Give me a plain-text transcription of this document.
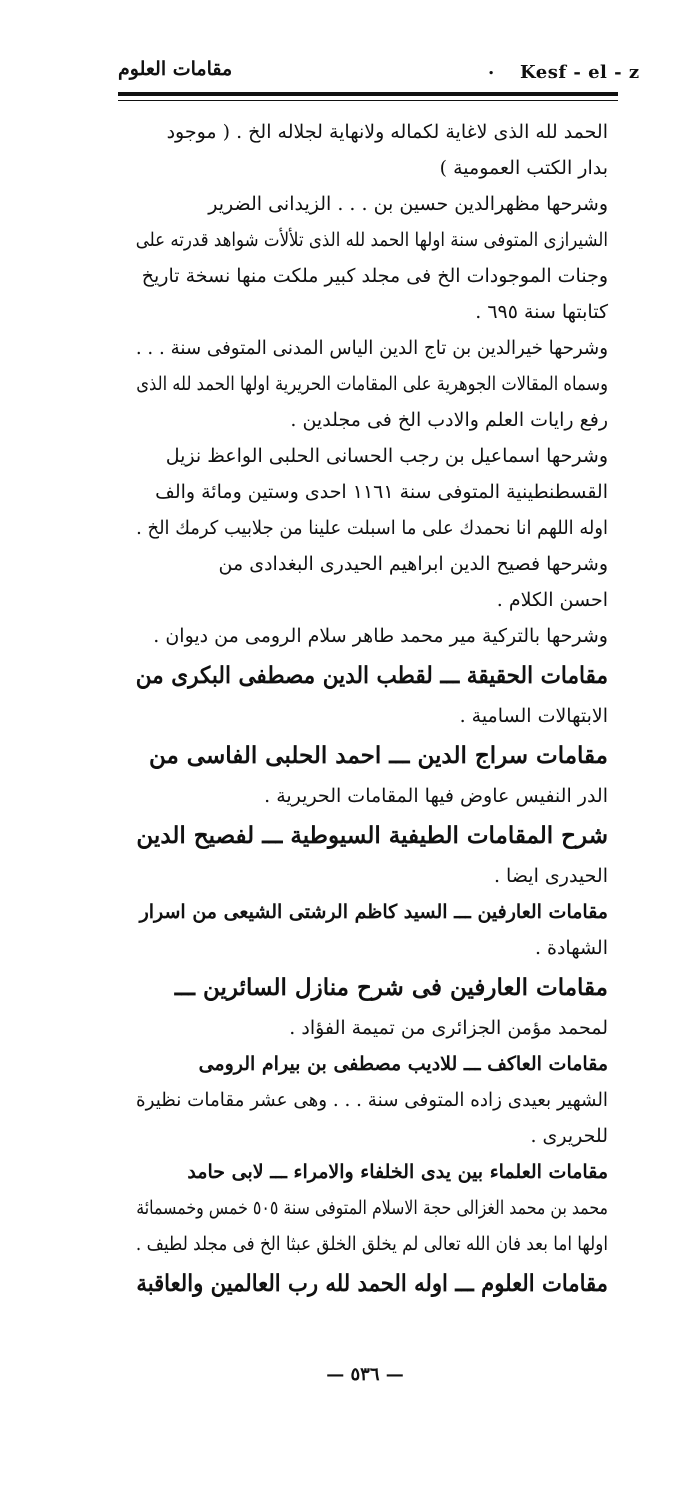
مقامات العلوم	. Kesf - el - z
الحمد لله الذى لاغاية لكماله ولانهاية لجلاله الخ . ( موجود
بدار الكتب العمومية )
وشرحها مظهرالدين حسين بن . . . الزيدانى الضرير
الشيرازى المتوفى سنة اولها الحمد لله الذى تلألأت شواهد قدرته على
وجنات الموجودات الخ فى مجلد كبير ملكت منها نسخة تاريخ
كتابتها سنة ٦٩٥ .
وشرحها خيرالدين بن تاج الدين الياس المدنى المتوفى سنة . . .
وسماه المقالات الجوهرية على المقامات الحريرية اولها الحمد لله الذى
رفع رايات العلم والادب الخ فى مجلدين .
وشرحها اسماعيل بن رجب الحسانى الحلبى الواعظ نزيل
القسطنطينية المتوفى سنة ١١٦١ احدى وستين ومائة والف
اوله اللهم انا نحمدك على ما اسبلت علينا من جلابيب كرمك الخ .
وشرحها فصيح الدين ابراهيم الحيدرى البغدادى من
احسن الكلام .
وشرحها بالتركية مير محمد طاهر سلام الرومى من ديوان .
مقامات الحقيقة ـــ لقطب الدين مصطفى البكرى من
الابتهالات السامية .
مقامات سراج الدين ـــ احمد الحلبى الفاسى من
الدر النفيس عاوض فيها المقامات الحريرية .
شرح المقامات الطيفية السيوطية ـــ لفصيح الدين
الحيدرى ايضا .
مقامات العارفين ـــ السيد كاظم الرشتى الشيعى من اسرار
الشهادة .
مقامات العارفين فى شرح منازل السائرين ـــ
لمحمد مؤمن الجزائرى من تميمة الفؤاد .
مقامات العاكف ـــ للاديب مصطفى بن بيرام الرومى
الشهير بعيدى زاده المتوفى سنة . . . وهى عشر مقامات نظيرة
للحريرى .
مقامات العلماء بين يدى الخلفاء والامراء ـــ لابى حامد
محمد بن محمد الغزالى حجة الاسلام المتوفى سنة ٥٠٥ خمس وخمسمائة
اولها اما بعد فان الله تعالى لم يخلق الخلق عبثا الخ فى مجلد لطيف .
مقامات العلوم ـــ اوله الحمد لله رب العالمين والعاقبة
— ٥٣٦ —
